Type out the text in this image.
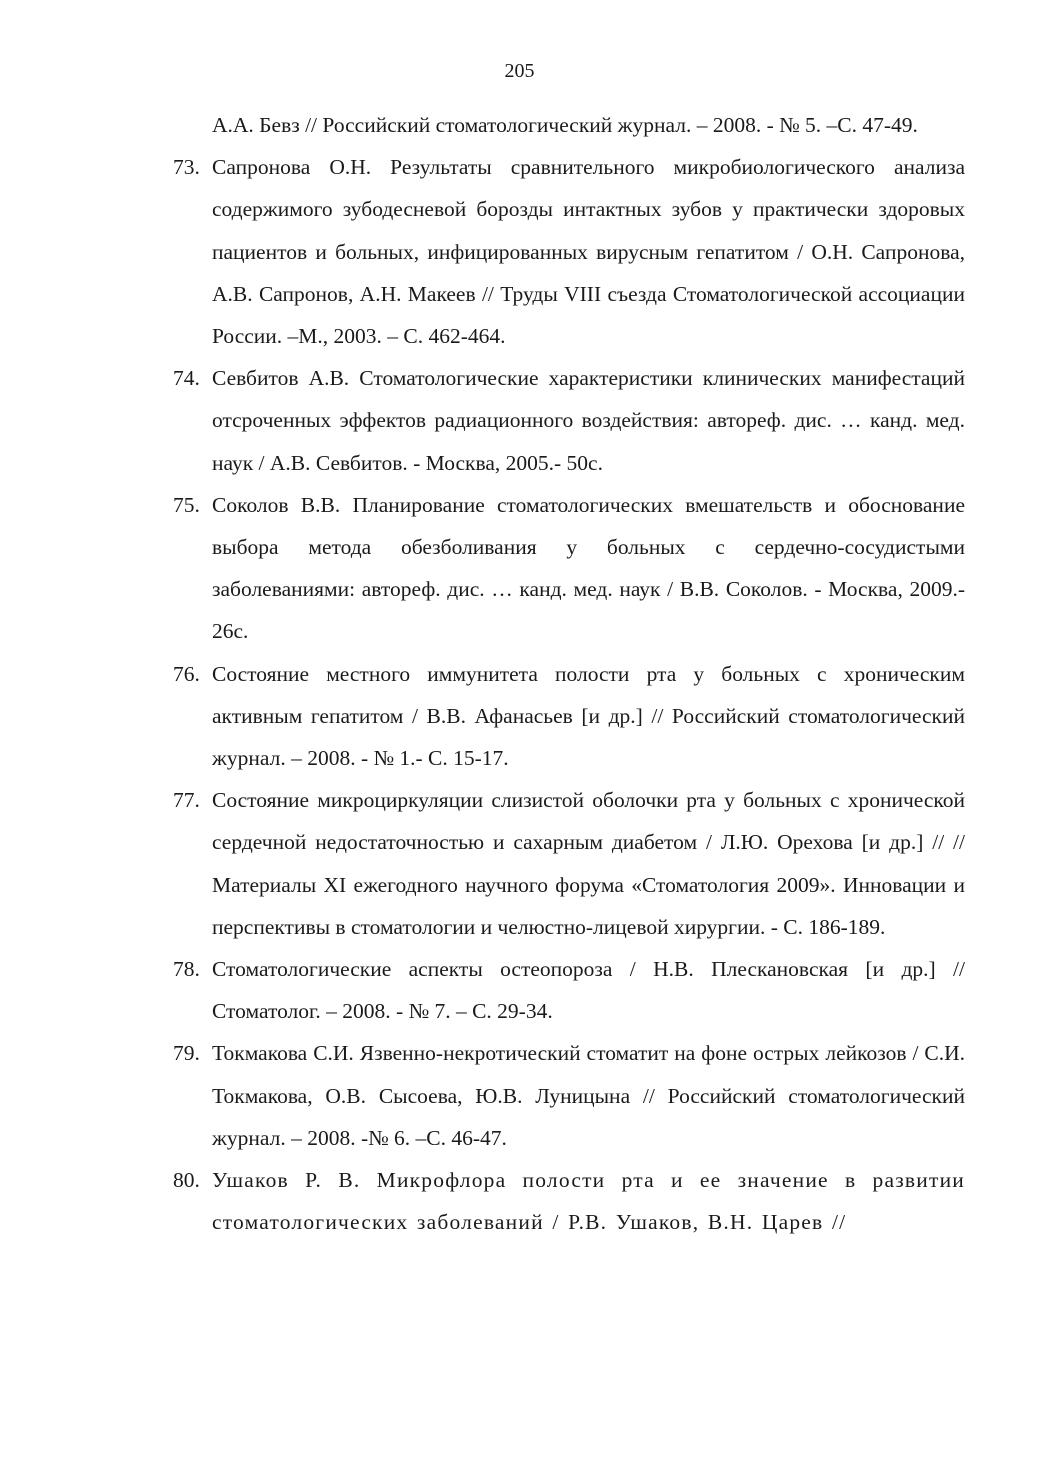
205
А.А. Бевз // Российский стоматологический журнал. – 2008. - № 5. –С. 47-49.
73. Сапронова О.Н. Результаты сравнительного микробиологического анализа содержимого зубодесневой борозды интактных зубов у практически здоровых пациентов и больных, инфицированных вирусным гепатитом / О.Н. Сапронова, А.В. Сапронов, А.Н. Макеев // Труды VIII съезда Стоматологической ассоциации России. –М., 2003. – С. 462-464.
74. Севбитов А.В. Стоматологические характеристики клинических манифестаций отсроченных эффектов радиационного воздействия: автореф. дис. … канд. мед. наук / А.В. Севбитов. - Москва, 2005.- 50с.
75. Соколов В.В. Планирование стоматологических вмешательств и обоснование выбора метода обезболивания у больных с сердечно-сосудистыми заболеваниями: автореф. дис. … канд. мед. наук / В.В. Соколов. - Москва, 2009.- 26с.
76. Состояние местного иммунитета полости рта у больных с хроническим активным гепатитом / В.В. Афанасьев [и др.] // Российский стоматологический журнал. – 2008. - № 1.- С. 15-17.
77. Состояние микроциркуляции слизистой оболочки рта у больных с хронической сердечной недостаточностью и сахарным диабетом / Л.Ю. Орехова [и др.] // // Материалы XI ежегодного научного форума «Стоматология 2009». Инновации и перспективы в стоматологии и челюстно-лицевой хирургии. - С. 186-189.
78. Стоматологические аспекты остеопороза / Н.В. Плескановская [и др.] // Стоматолог. – 2008. - № 7. – С. 29-34.
79. Токмакова С.И. Язвенно-некротический стоматит на фоне острых лейкозов / С.И. Токмакова, О.В. Сысоева, Ю.В. Луницына // Российский стоматологический журнал. – 2008. -№ 6. –С. 46-47.
80. Ушаков Р. В. Микрофлора полости рта и ее значение в развитии стоматологических заболеваний / Р.В. Ушаков, В.Н. Царев //
